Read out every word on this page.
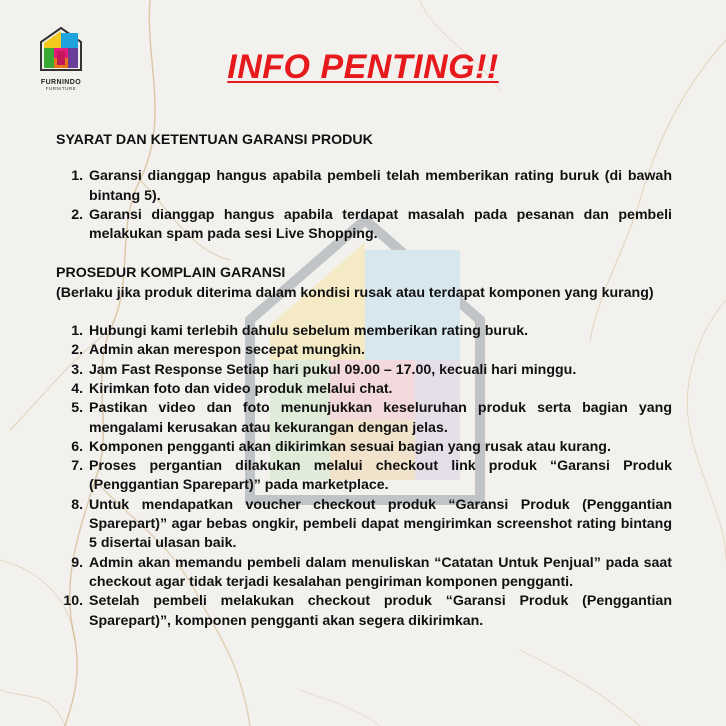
FURNINDO
FURNITURE
INFO PENTING!!

SYARAT DAN KETENTUAN GARANSI PRODUK

1. Garansi dianggap hangus apabila pembeli telah memberikan rating buruk (di bawah bintang 5).
2. Garansi dianggap hangus apabila terdapat masalah pada pesanan dan pembeli melakukan spam pada sesi Live Shopping.

PROSEDUR KOMPLAIN GARANSI

(Berlaku jika produk diterima dalam kondisi rusak atau terdapat komponen yang kurang)

1. Hubungi kami terlebih dahulu sebelum memberikan rating buruk.
2. Admin akan merespon secepat mungkin.
3. Jam Fast Response Setiap hari pukul 09.00 – 17.00, kecuali hari minggu.
4. Kirimkan foto dan video produk melalui chat.
5. Pastikan video dan foto menunjukkan keseluruhan produk serta bagian yang mengalami kerusakan atau kekurangan dengan jelas.
6. Komponen pengganti akan dikirimkan sesuai bagian yang rusak atau kurang.
7. Proses pergantian dilakukan melalui checkout link produk “Garansi Produk (Penggantian Sparepart)” pada marketplace.
8. Untuk mendapatkan voucher checkout produk “Garansi Produk (Penggantian Sparepart)” agar bebas ongkir, pembeli dapat mengirimkan screenshot rating bintang 5 disertai ulasan baik.
9. Admin akan memandu pembeli dalam menuliskan “Catatan Untuk Penjual” pada saat checkout agar tidak terjadi kesalahan pengiriman komponen pengganti.
10. Setelah pembeli melakukan checkout produk “Garansi Produk (Penggantian Sparepart)”, komponen pengganti akan segera dikirimkan.
